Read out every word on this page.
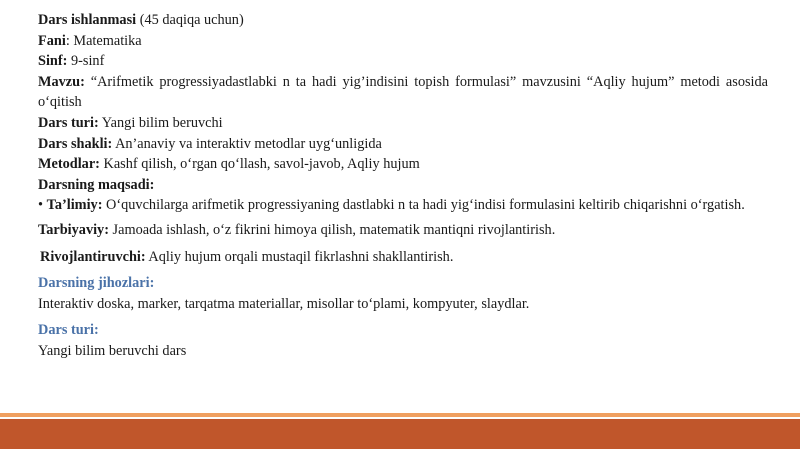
Dars ishlanmasi (45 daqiqa uchun)

Fani: Matematika

Sinf: 9-sinf

Mavzu: “Arifmetik progressiyadastlabki n ta hadi yig’indisini topish formulasi” mavzusini “Aqliy hujum” metodi asosida o‘qitish

Dars turi: Yangi bilim beruvchi

Dars shakli: An’anaviy va interaktiv metodlar uyg‘unligida

Metodlar: Kashf qilish, o‘rgan qo‘llash, savol-javob, Aqliy hujum

Darsning maqsadi:

• Ta’limiy: O‘quvchilarga arifmetik progressiyaning dastlabki n ta hadi yig‘indisi formulasini keltirib chiqarishni o‘rgatish.

Tarbiyaviy: Jamoada ishlash, o‘z fikrini himoya qilish, matematik mantiqni rivojlantirish.

Rivojlantiruvchi: Aqliy hujum orqali mustaqil fikrlashni shakllantirish.

Darsning jihozlari:

Interaktiv doska, marker, tarqatma materiallar, misollar to‘plami, kompyuter, slaydlar.

Dars turi:

Yangi bilim beruvchi dars
